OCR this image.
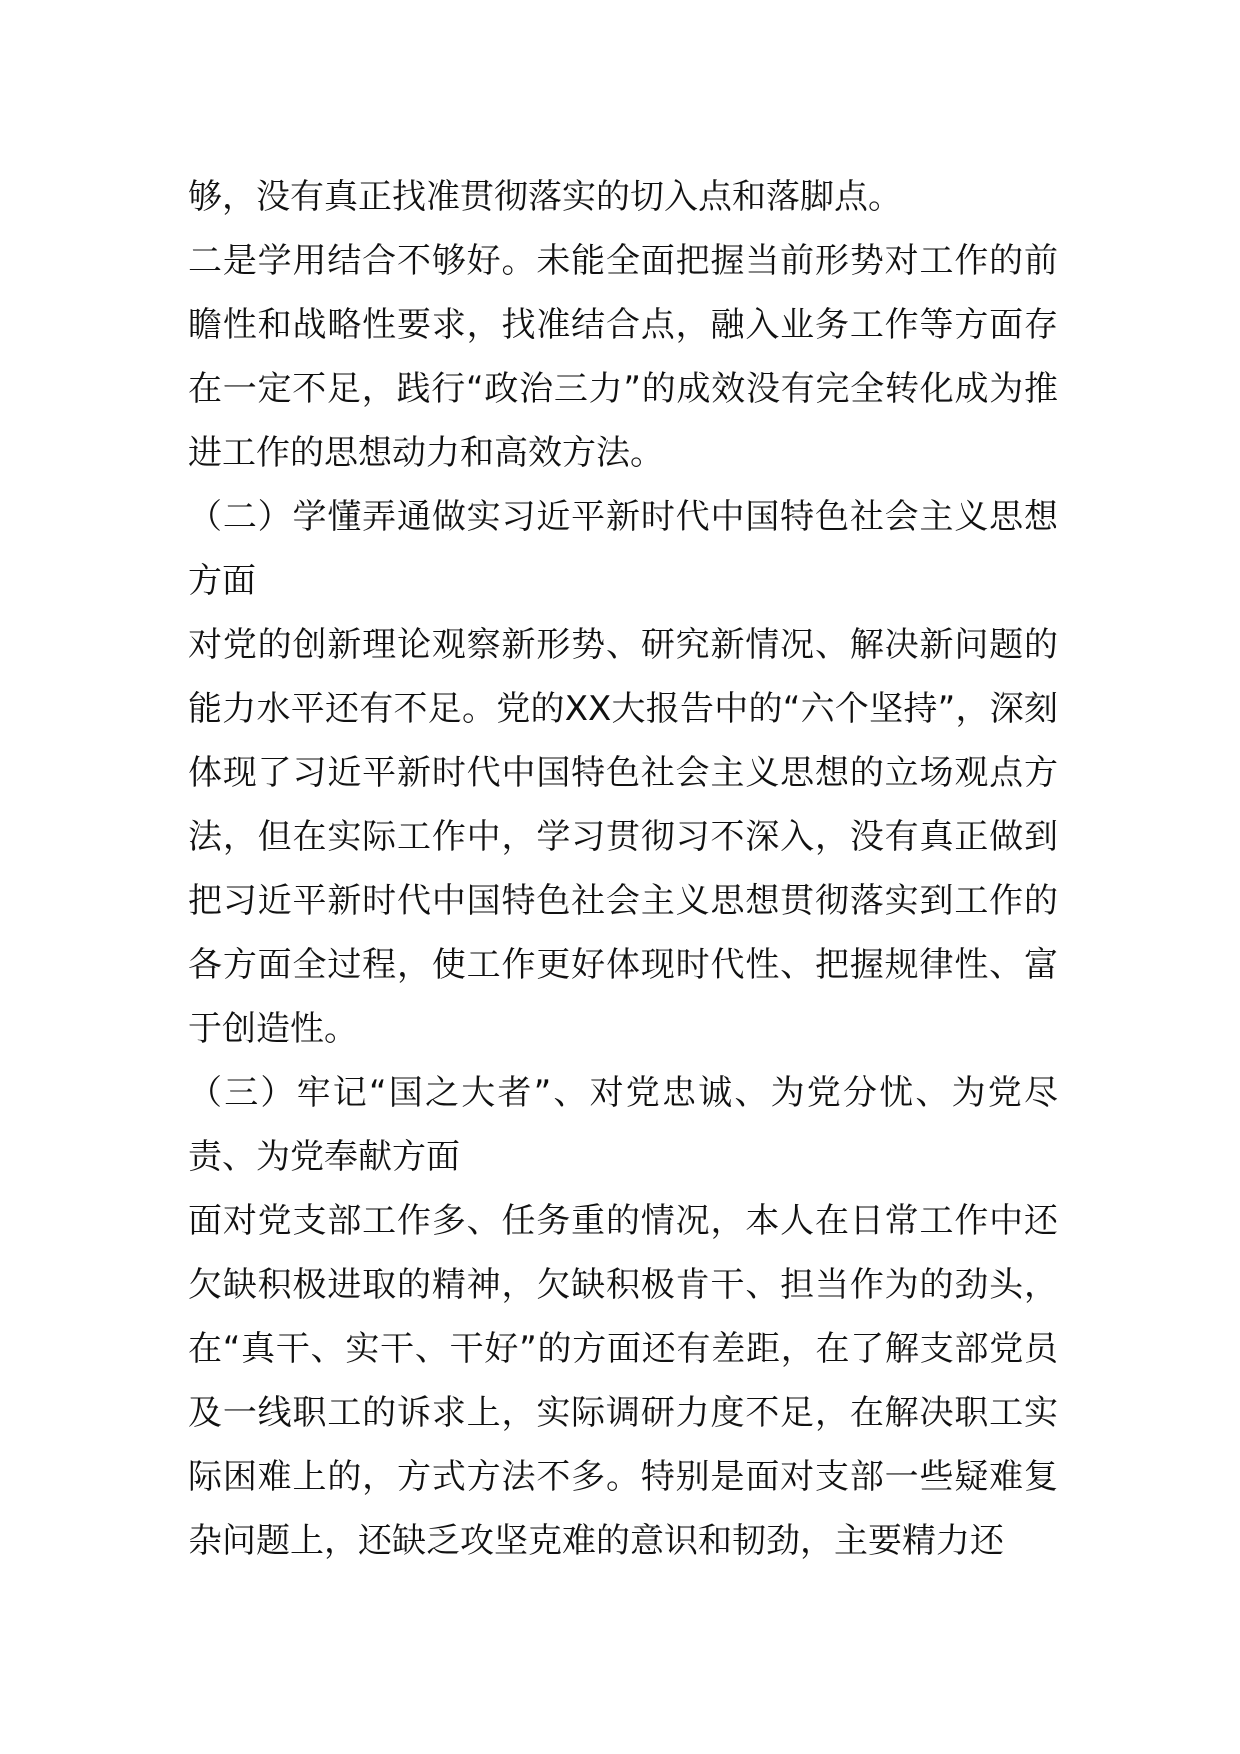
够，没有真正找准贯彻落实的切入点和落脚点。

二是学用结合不够好。未能全面把握当前形势对工作的前瞻性和战略性要求，找准结合点，融入业务工作等方面存在一定不足，践行“政治三力”的成效没有完全转化成为推进工作的思想动力和高效方法。

（二）学懂弄通做实习近平新时代中国特色社会主义思想方面

对党的创新理论观察新形势、研究新情况、解决新问题的能力水平还有不足。党的XX大报告中的“六个坚持”，深刻体现了习近平新时代中国特色社会主义思想的立场观点方法，但在实际工作中，学习贯彻习不深入，没有真正做到把习近平新时代中国特色社会主义思想贯彻落实到工作的各方面全过程，使工作更好体现时代性、把握规律性、富于创造性。

（三）牢记“国之大者”、对党忠诚、为党分忧、为党尽责、为党奉献方面

面对党支部工作多、任务重的情况，本人在日常工作中还欠缺积极进取的精神，欠缺积极肯干、担当作为的劲头，在“真干、实干、干好”的方面还有差距，在了解支部党员及一线职工的诉求上，实际调研力度不足，在解决职工实际困难上的，方式方法不多。特别是面对支部一些疑难复杂问题上，还缺乏攻坚克难的意识和韧劲，主要精力还
